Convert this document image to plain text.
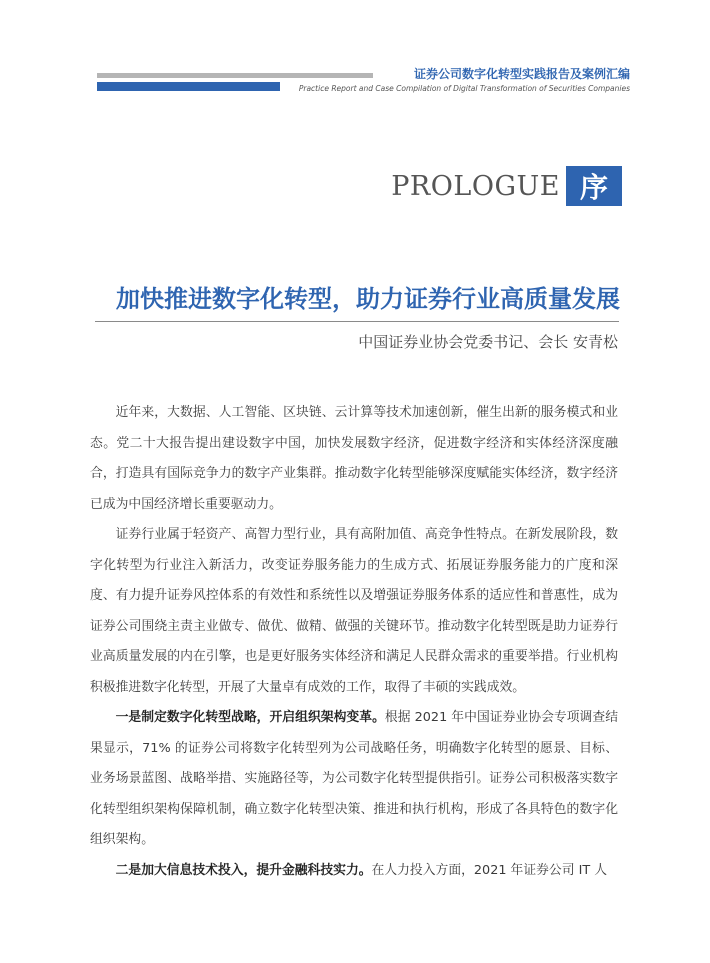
证券公司数字化转型实践报告及案例汇编
Practice Report and Case Compilation of Digital Transformation of Securities Companies
PROLOGUE 序
加快推进数字化转型，助力证券行业高质量发展
中国证券业协会党委书记、会长 安青松

近年来，大数据、人工智能、区块链、云计算等技术加速创新，催生出新的服务模式和业态。党二十大报告提出建设数字中国，加快发展数字经济，促进数字经济和实体经济深度融合，打造具有国际竞争力的数字产业集群。推动数字化转型能够深度赋能实体经济，数字经济已成为中国经济增长重要驱动力。

证券行业属于轻资产、高智力型行业，具有高附加值、高竞争性特点。在新发展阶段，数字化转型为行业注入新活力，改变证券服务能力的生成方式、拓展证券服务能力的广度和深度、有力提升证券风控体系的有效性和系统性以及增强证券服务体系的适应性和普惠性，成为证券公司围绕主责主业做专、做优、做精、做强的关键环节。推动数字化转型既是助力证券行业高质量发展的内在引擎，也是更好服务实体经济和满足人民群众需求的重要举措。行业机构积极推进数字化转型，开展了大量卓有成效的工作，取得了丰硕的实践成效。

一是制定数字化转型战略，开启组织架构变革。根据 2021 年中国证券业协会专项调查结果显示，71% 的证券公司将数字化转型列为公司战略任务，明确数字化转型的愿景、目标、业务场景蓝图、战略举措、实施路径等，为公司数字化转型提供指引。证券公司积极落实数字化转型组织架构保障机制，确立数字化转型决策、推进和执行机构，形成了各具特色的数字化组织架构。

二是加大信息技术投入，提升金融科技实力。在人力投入方面，2021 年证券公司 IT 人
